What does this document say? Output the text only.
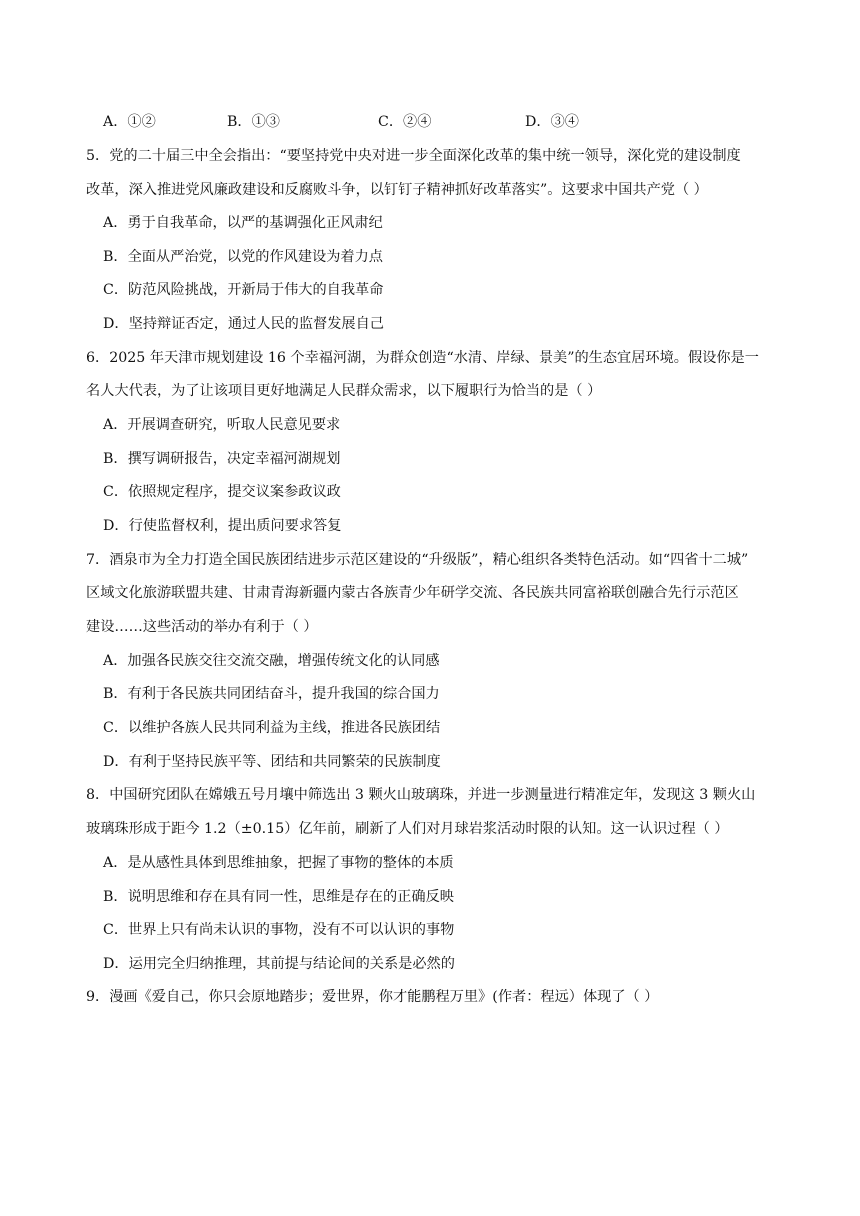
A．①②	B．①③	C．②④	D．③④
5．党的二十届三中全会指出：“要坚持党中央对进一步全面深化改革的集中统一领导，深化党的建设制度
改革，深入推进党风廉政建设和反腐败斗争，以钉钉子精神抓好改革落实”。这要求中国共产党（ ）
A．勇于自我革命，以严的基调强化正风肃纪
B．全面从严治党，以党的作风建设为着力点
C．防范风险挑战，开新局于伟大的自我革命
D．坚持辩证否定，通过人民的监督发展自己
6．2025 年天津市规划建设 16 个幸福河湖，为群众创造“水清、岸绿、景美”的生态宜居环境。假设你是一
名人大代表，为了让该项目更好地满足人民群众需求，以下履职行为恰当的是（ ）
A．开展调查研究，听取人民意见要求
B．撰写调研报告，决定幸福河湖规划
C．依照规定程序，提交议案参政议政
D．行使监督权利，提出质问要求答复
7．酒泉市为全力打造全国民族团结进步示范区建设的“升级版”，精心组织各类特色活动。如“四省十二城”
区域文化旅游联盟共建、甘肃青海新疆内蒙古各族青少年研学交流、各民族共同富裕联创融合先行示范区
建设……这些活动的举办有利于（ ）
A．加强各民族交往交流交融，增强传统文化的认同感
B．有利于各民族共同团结奋斗，提升我国的综合国力
C．以维护各族人民共同利益为主线，推进各民族团结
D．有利于坚持民族平等、团结和共同繁荣的民族制度
8．中国研究团队在嫦娥五号月壤中筛选出 3 颗火山玻璃珠，并进一步测量进行精准定年，发现这 3 颗火山
玻璃珠形成于距今 1.2（±0.15）亿年前，刷新了人们对月球岩浆活动时限的认知。这一认识过程（ ）
A．是从感性具体到思维抽象，把握了事物的整体的本质
B．说明思维和存在具有同一性，思维是存在的正确反映
C．世界上只有尚未认识的事物，没有不可以认识的事物
D．运用完全归纳推理，其前提与结论间的关系是必然的
9．漫画《爱自己，你只会原地踏步；爱世界，你才能鹏程万里》(作者：程远）体现了（ ）
